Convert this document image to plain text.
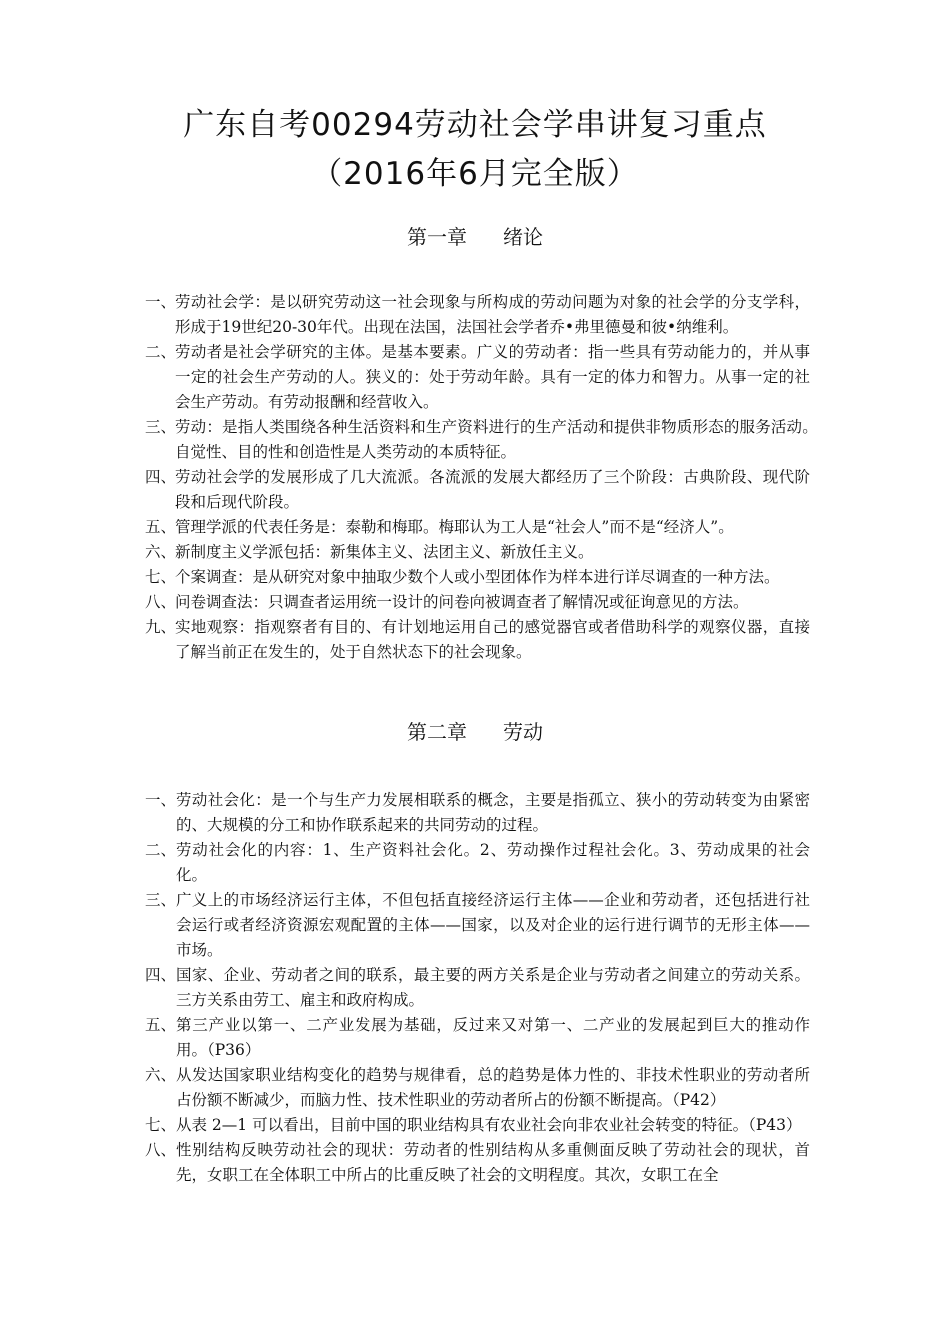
广东自考00294劳动社会学串讲复习重点
（2016年6月完全版）
第一章 绪论
一、
劳动社会学：是以研究劳动这一社会现象与所构成的劳动问题为对象的社会学的分支学科，形成于19世纪20-30年代。出现在法国，法国社会学者乔•弗里德曼和彼•纳维利。
二、
劳动者是社会学研究的主体。是基本要素。广义的劳动者：指一些具有劳动能力的，并从事一定的社会生产劳动的人。狭义的：处于劳动年龄。具有一定的体力和智力。从事一定的社会生产劳动。有劳动报酬和经营收入。
三、
劳动：是指人类围绕各种生活资料和生产资料进行的生产活动和提供非物质形态的服务活动。　自觉性、目的性和创造性是人类劳动的本质特征。
四、
劳动社会学的发展形成了几大流派。各流派的发展大都经历了三个阶段：古典阶段、现代阶段和后现代阶段。
五、
管理学派的代表任务是：泰勒和梅耶。梅耶认为工人是“社会人”而不是“经济人”。
六、
新制度主义学派包括：新集体主义、法团主义、新放任主义。
七、
个案调查：是从研究对象中抽取少数个人或小型团体作为样本进行详尽调查的一种方法。
八、
问卷调查法：只调查者运用统一设计的问卷向被调查者了解情况或征询意见的方法。
九、
实地观察：指观察者有目的、有计划地运用自己的感觉器官或者借助科学的观察仪器，直接了解当前正在发生的，处于自然状态下的社会现象。
第二章 劳动
一、 劳动社会化：是一个与生产力发展相联系的概念，主要是指孤立、狭小的劳动转变为由紧密的、大规模的分工和协作联系起来的共同劳动的过程。
二、 劳动社会化的内容：1、生产资料社会化。2、劳动操作过程社会化。3、劳动成果的社会化。
三、 广义上的市场经济运行主体，不但包括直接经济运行主体——企业和劳动者，还包括进行社会运行或者经济资源宏观配置的主体——国家，以及对企业的运行进行调节的无形主体——市场。
四、 国家、企业、劳动者之间的联系，最主要的两方关系是企业与劳动者之间建立的劳动关系。三方关系由劳工、雇主和政府构成。
五、 第三产业以第一、二产业发展为基础，反过来又对第一、二产业的发展起到巨大的推动作用。（P36）
六、 从发达国家职业结构变化的趋势与规律看，总的趋势是体力性的、非技术性职业的劳动者所占份额不断减少，而脑力性、技术性职业的劳动者所占的份额不断提高。（P42）
七、 从表 2—1 可以看出，目前中国的职业结构具有农业社会向非农业社会转变的特征。（P43）
八、 性别结构反映劳动社会的现状：劳动者的性别结构从多重侧面反映了劳动社会的现状，首先，女职工在全体职工中所占的比重反映了社会的文明程度。其次，女职工在全
